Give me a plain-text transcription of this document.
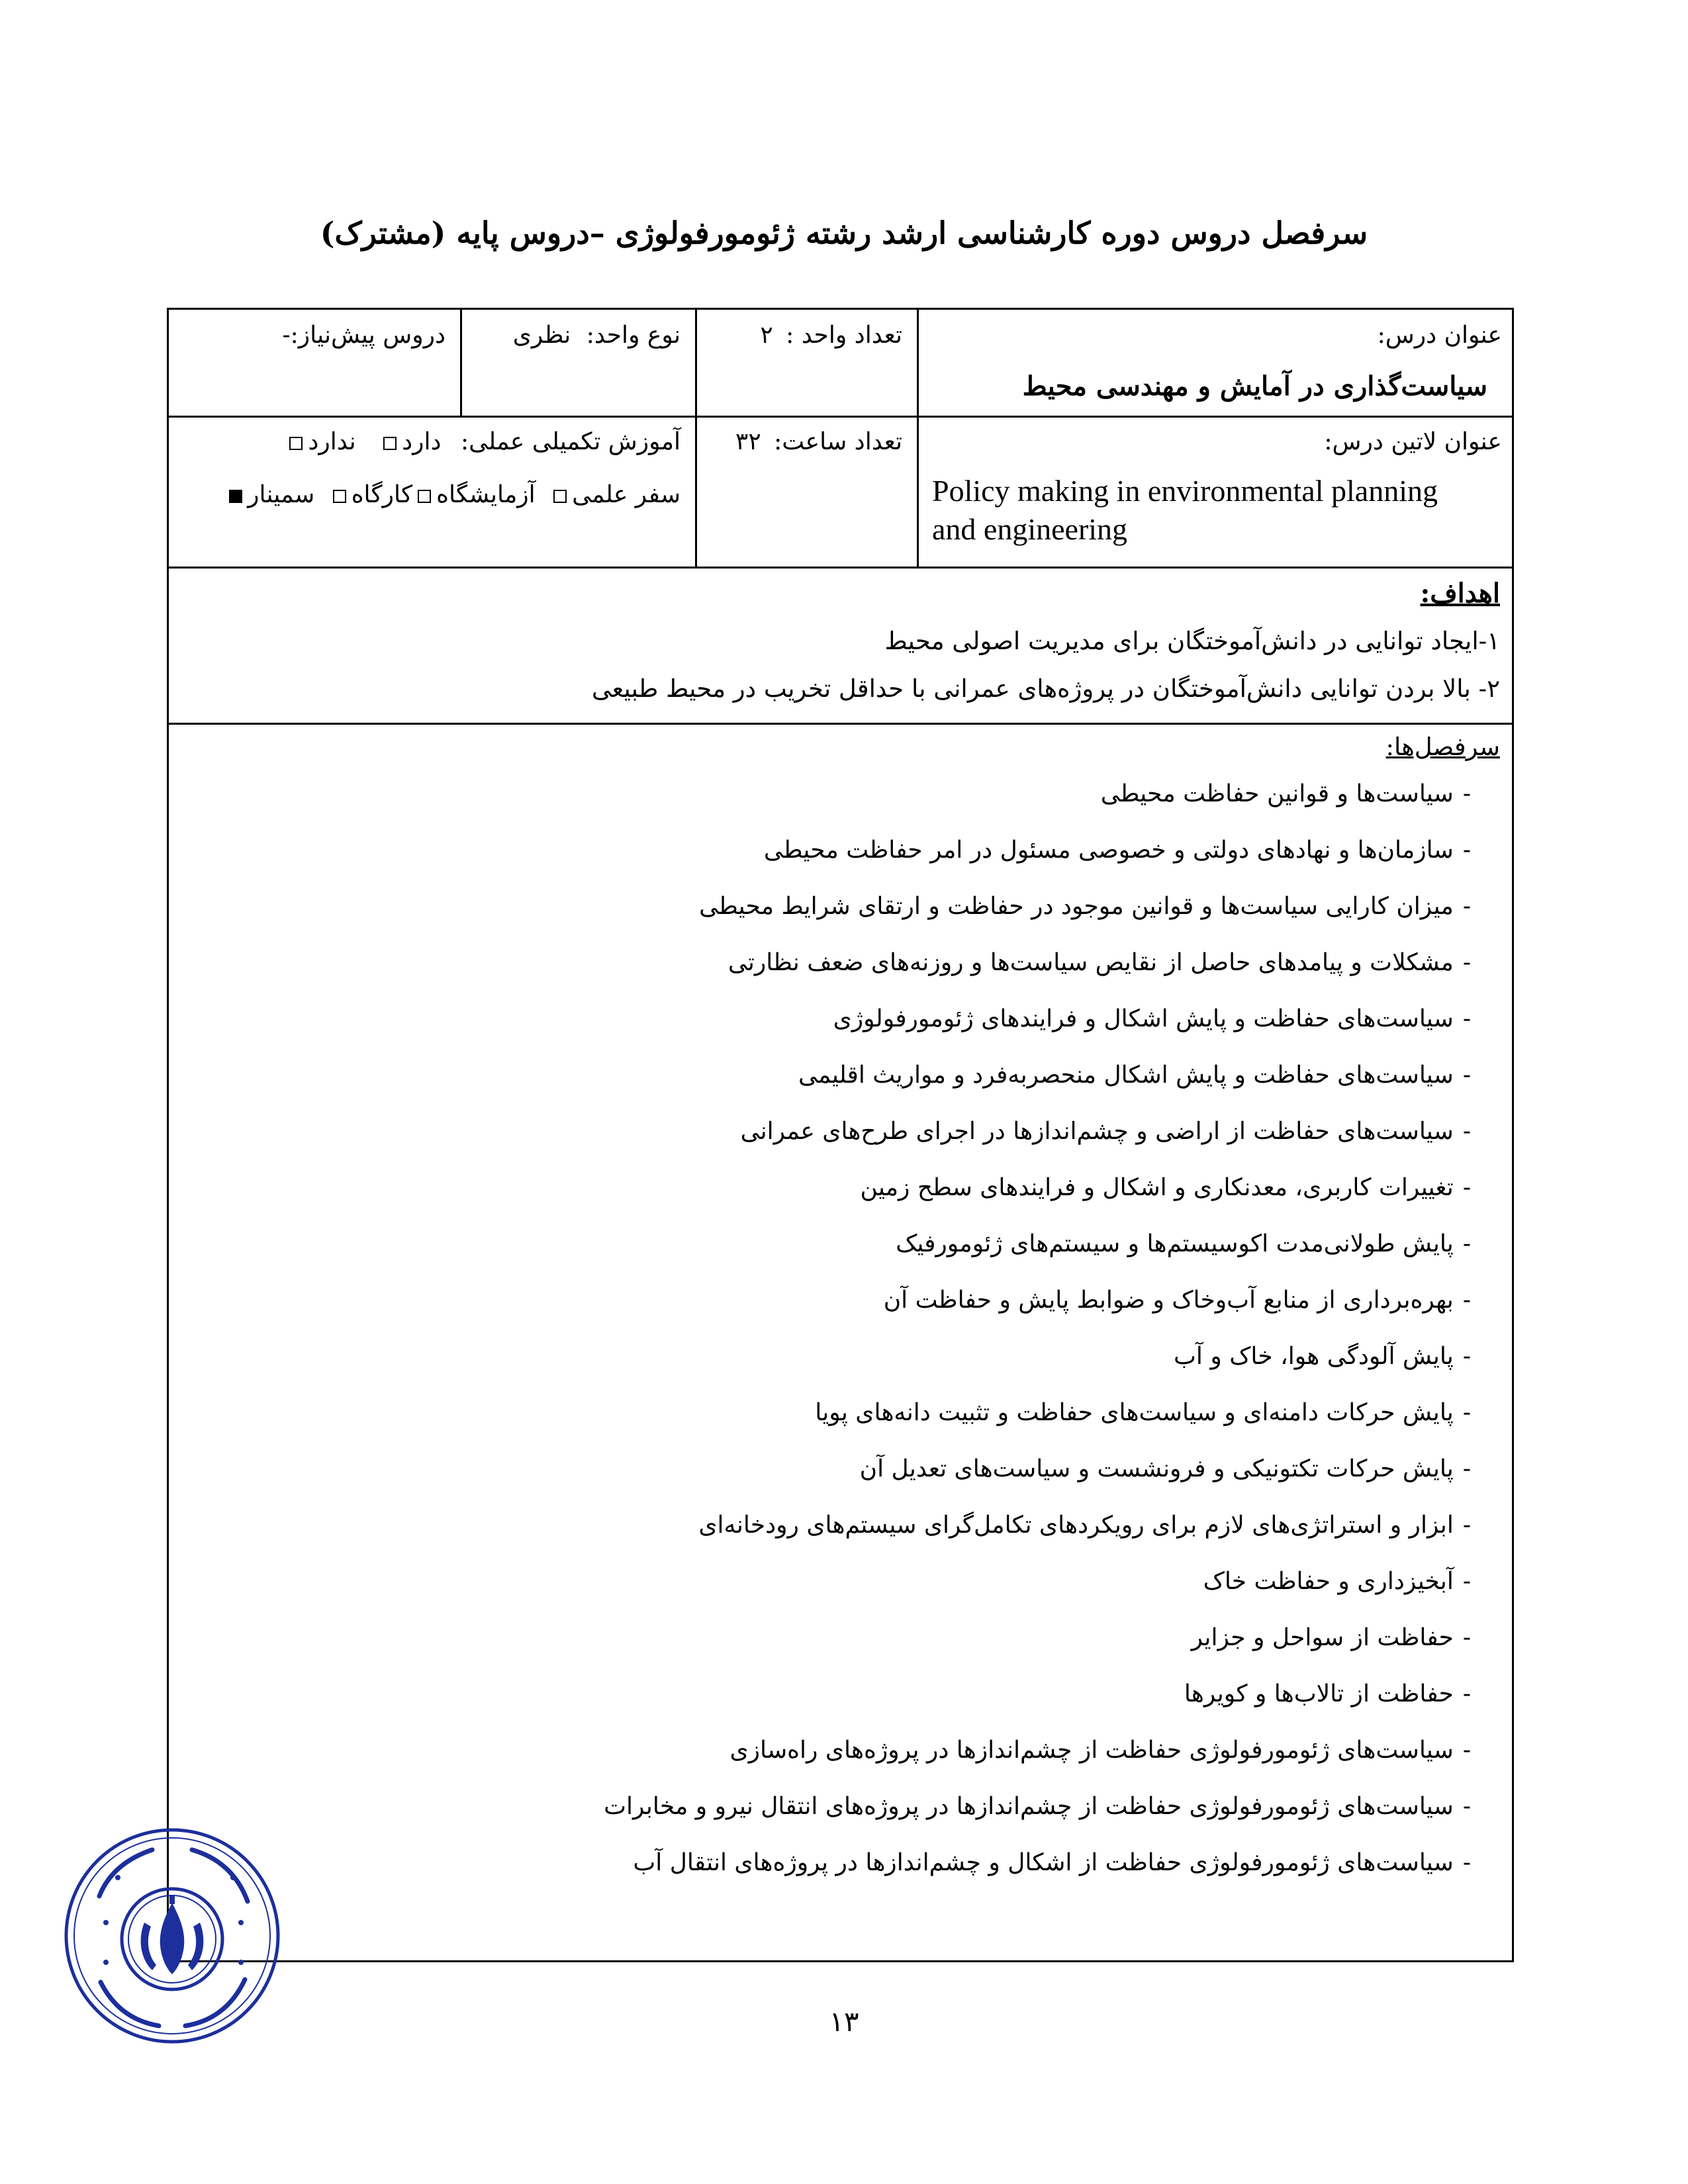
سرفصل دروس دوره کارشناسی ارشد رشته ژئومورفولوژی –دروس پایه (مشترک)
عنوان درس:
سیاست‌گذاری در آمایش و مهندسی محیط
تعداد واحد : ۲
نوع واحد: نظری
دروس پیش‌نیاز:-
عنوان لاتین درس:
Policy making in environmental planning
and engineering
تعداد ساعت: ۳۲
آموزش تکمیلی عملی: دارد ندارد
سفر علمی آزمایشگاهکارگاه سمینار
اهداف:
۱-ایجاد توانایی در دانش‌آموختگان برای مدیریت اصولی محیط
۲- بالا بردن توانایی دانش‌آموختگان در پروژه‌های عمرانی با حداقل تخریب در محیط طبیعی
سرفصل‌ها:
-سیاست‌ها و قوانین حفاظت محیطی
-سازمان‌ها و نهادهای دولتی و خصوصی مسئول در امر حفاظت محیطی
-میزان کارایی سیاست‌ها و قوانین موجود در حفاظت و ارتقای شرایط محیطی
-مشکلات و پیامدهای حاصل از نقایص سیاست‌ها و روزنه‌های ضعف نظارتی
-سیاست‌های حفاظت و پایش اشکال و فرایندهای ژئومورفولوژی
-سیاست‌های حفاظت و پایش اشکال منحصربه‌فرد و مواریث اقلیمی
-سیاست‌های حفاظت از اراضی و چشم‌اندازها در اجرای طرح‌های عمرانی
-تغییرات کاربری، معدنکاری و اشکال و فرایندهای سطح زمین
-پایش طولانی‌مدت اکوسیستم‌ها و سیستم‌های ژئومورفیک
-بهره‌برداری از منابع آب‌وخاک و ضوابط پایش و حفاظت آن
-پایش آلودگی هوا، خاک و آب
-پایش حرکات دامنه‌ای و سیاست‌های حفاظت و تثبیت دانه‌های پویا
-پایش حرکات تکتونیکی و فرونشست و سیاست‌های تعدیل آن
-ابزار و استراتژی‌های لازم برای رویکردهای تکامل‌گرای سیستم‌های رودخانه‌ای
-آبخیزداری و حفاظت خاک
-حفاظت از سواحل و جزایر
-حفاظت از تالاب‌ها و کویرها
-سیاست‌های ژئومورفولوژی حفاظت از چشم‌اندازها در پروژه‌های راه‌سازی
-سیاست‌های ژئومورفولوژی حفاظت از چشم‌اندازها در پروژه‌های انتقال نیرو و مخابرات
-سیاست‌های ژئومورفولوژی حفاظت از اشکال و چشم‌اندازها در پروژه‌های انتقال آب
۱۳
